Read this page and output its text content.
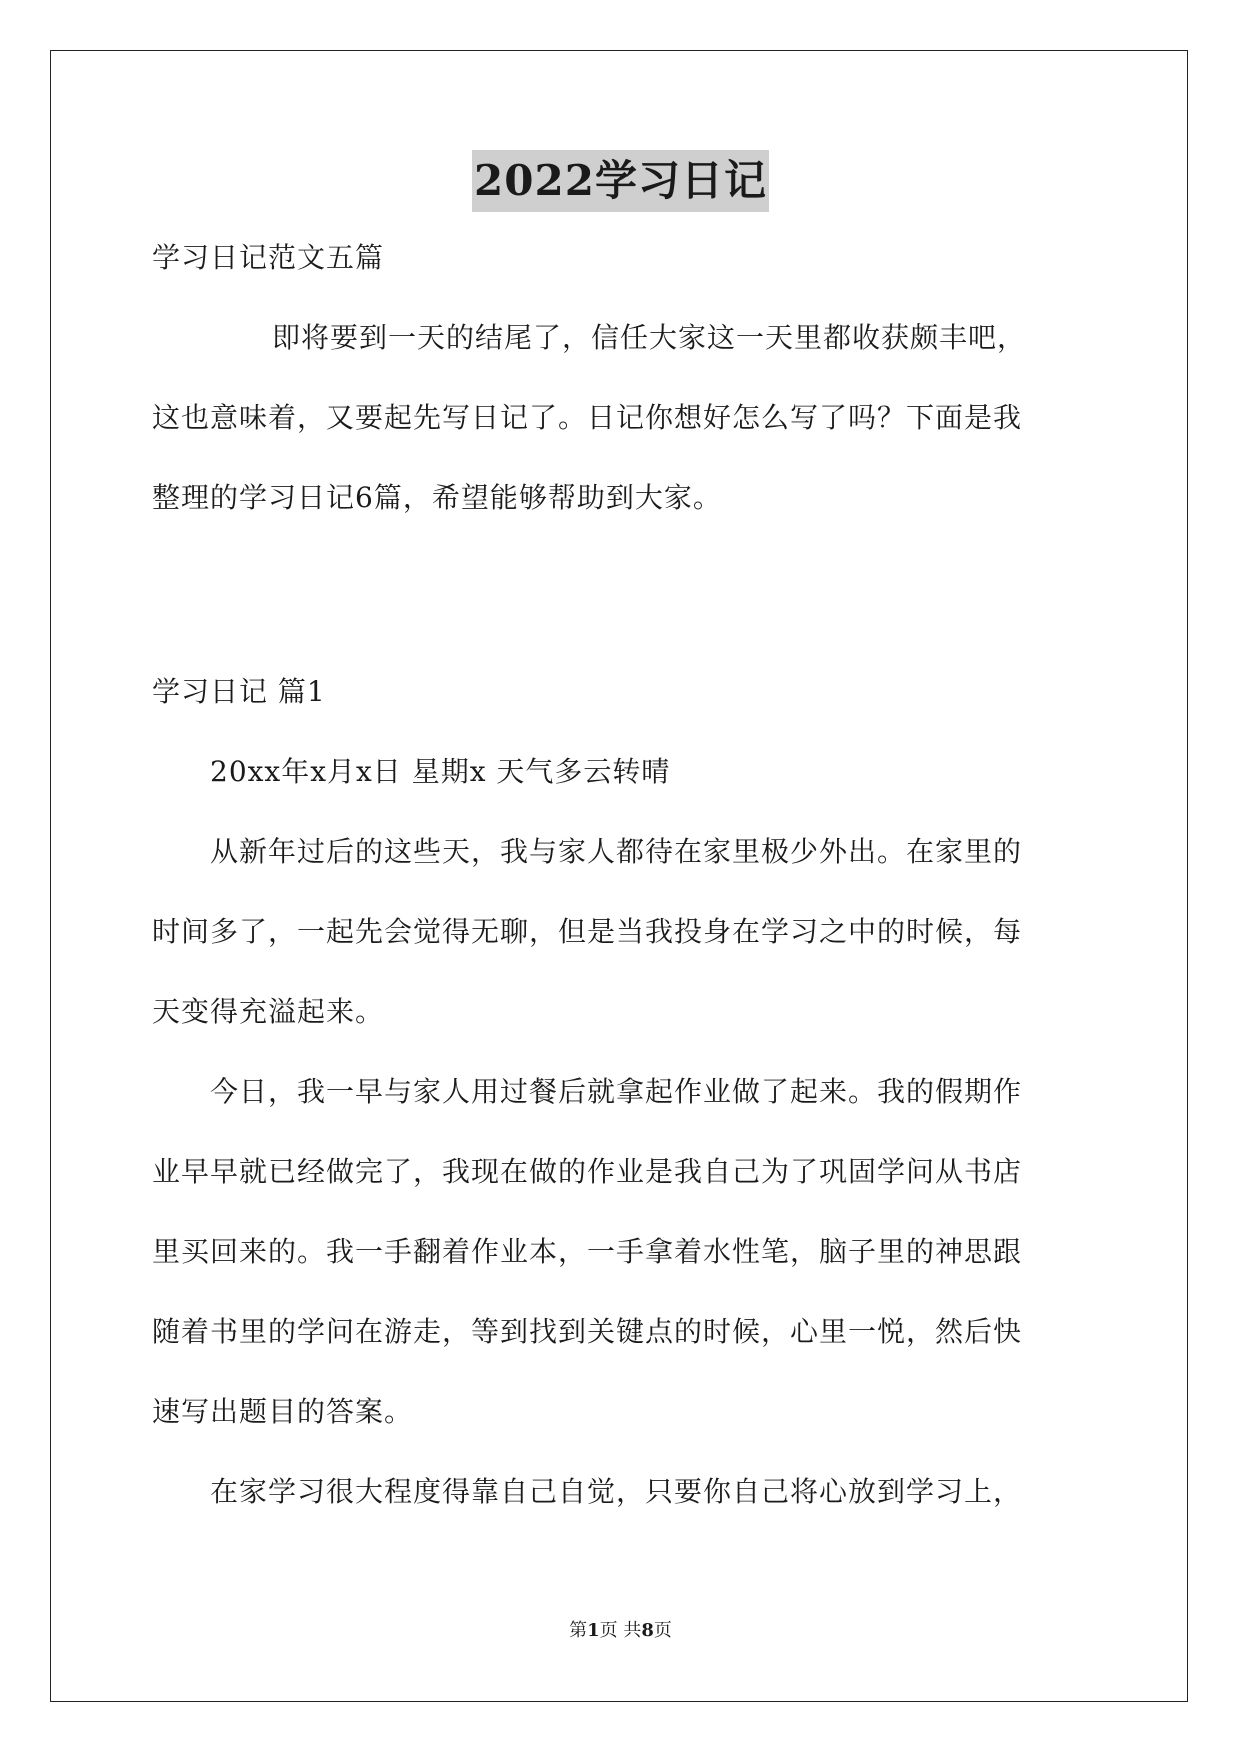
2022学习日记
学习日记范文五篇
即将要到一天的结尾了，信任大家这一天里都收获颇丰吧，
这也意味着，又要起先写日记了。日记你想好怎么写了吗？下面是我
整理的学习日记6篇，希望能够帮助到大家。
学习日记 篇1
20xx年x月x日 星期x 天气多云转晴
从新年过后的这些天，我与家人都待在家里极少外出。在家里的
时间多了，一起先会觉得无聊，但是当我投身在学习之中的时候，每
天变得充溢起来。
今日，我一早与家人用过餐后就拿起作业做了起来。我的假期作
业早早就已经做完了，我现在做的作业是我自己为了巩固学问从书店
里买回来的。我一手翻着作业本，一手拿着水性笔，脑子里的神思跟
随着书里的学问在游走，等到找到关键点的时候，心里一悦，然后快
速写出题目的答案。
在家学习很大程度得靠自己自觉，只要你自己将心放到学习上，
第1页 共8页
